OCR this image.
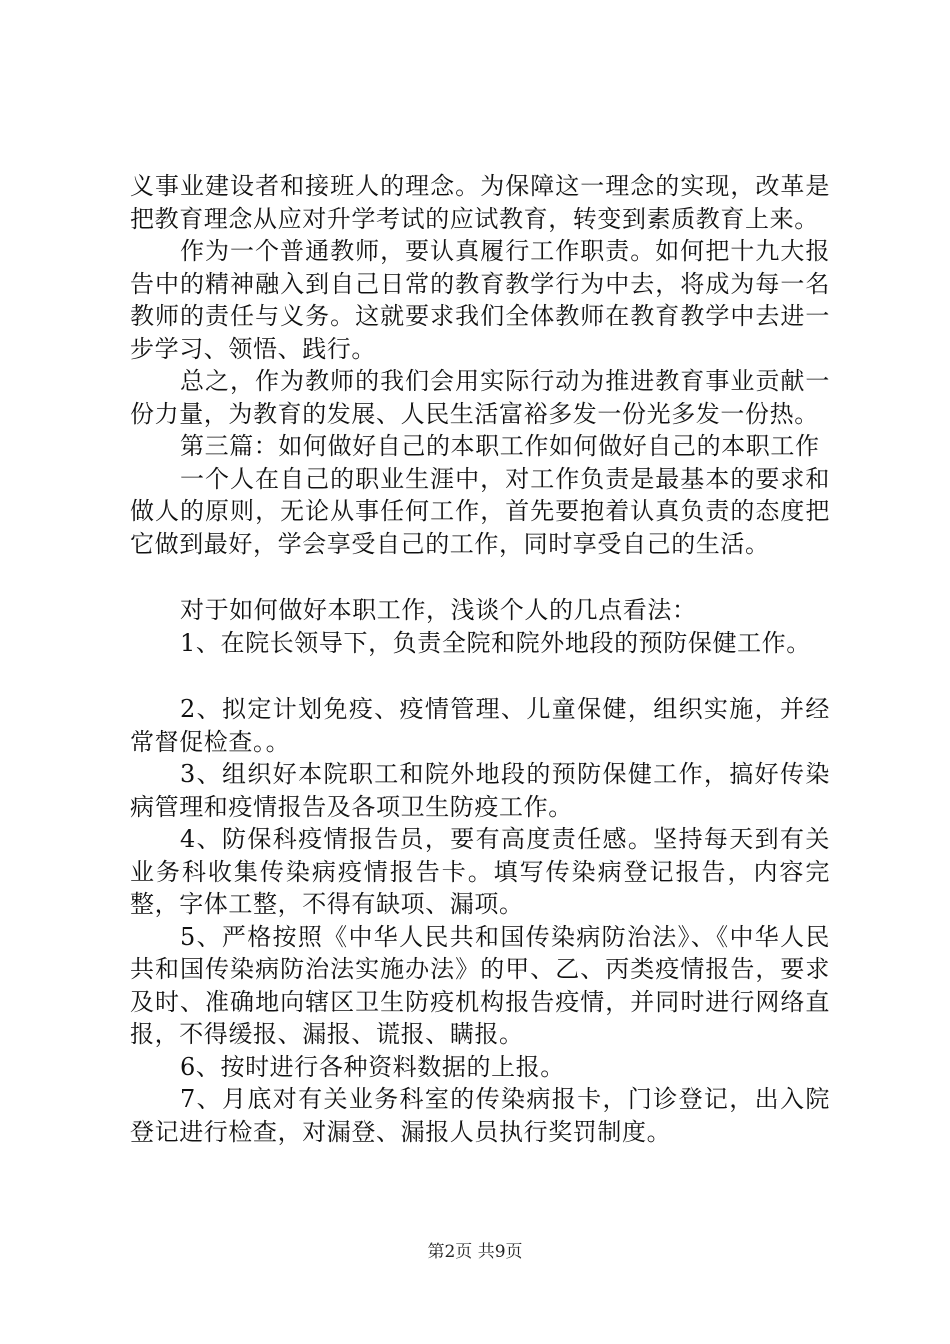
义事业建设者和接班人的理念。为保障这一理念的实现，改革是把教育理念从应对升学考试的应试教育，转变到素质教育上来。

作为一个普通教师，要认真履行工作职责。如何把十九大报告中的精神融入到自己日常的教育教学行为中去，将成为每一名教师的责任与义务。这就要求我们全体教师在教育教学中去进一步学习、领悟、践行。

总之，作为教师的我们会用实际行动为推进教育事业贡献一份力量，为教育的发展、人民生活富裕多发一份光多发一份热。

第三篇：如何做好自己的本职工作如何做好自己的本职工作

一个人在自己的职业生涯中，对工作负责是最基本的要求和做人的原则，无论从事任何工作，首先要抱着认真负责的态度把它做到最好，学会享受自己的工作，同时享受自己的生活。

对于如何做好本职工作，浅谈个人的几点看法：

1、在院长领导下，负责全院和院外地段的预防保健工作。

2、拟定计划免疫、疫情管理、儿童保健，组织实施，并经常督促检查。。

3、组织好本院职工和院外地段的预防保健工作，搞好传染病管理和疫情报告及各项卫生防疫工作。

4、防保科疫情报告员，要有高度责任感。坚持每天到有关业务科收集传染病疫情报告卡。填写传染病登记报告，内容完整，字体工整，不得有缺项、漏项。

5、严格按照《中华人民共和国传染病防治法》、《中华人民共和国传染病防治法实施办法》的甲、乙、丙类疫情报告，要求及时、准确地向辖区卫生防疫机构报告疫情，并同时进行网络直报，不得缓报、漏报、谎报、瞒报。

6、按时进行各种资料数据的上报。

7、月底对有关业务科室的传染病报卡，门诊登记，出入院登记进行检查，对漏登、漏报人员执行奖罚制度。

第2页 共9页
